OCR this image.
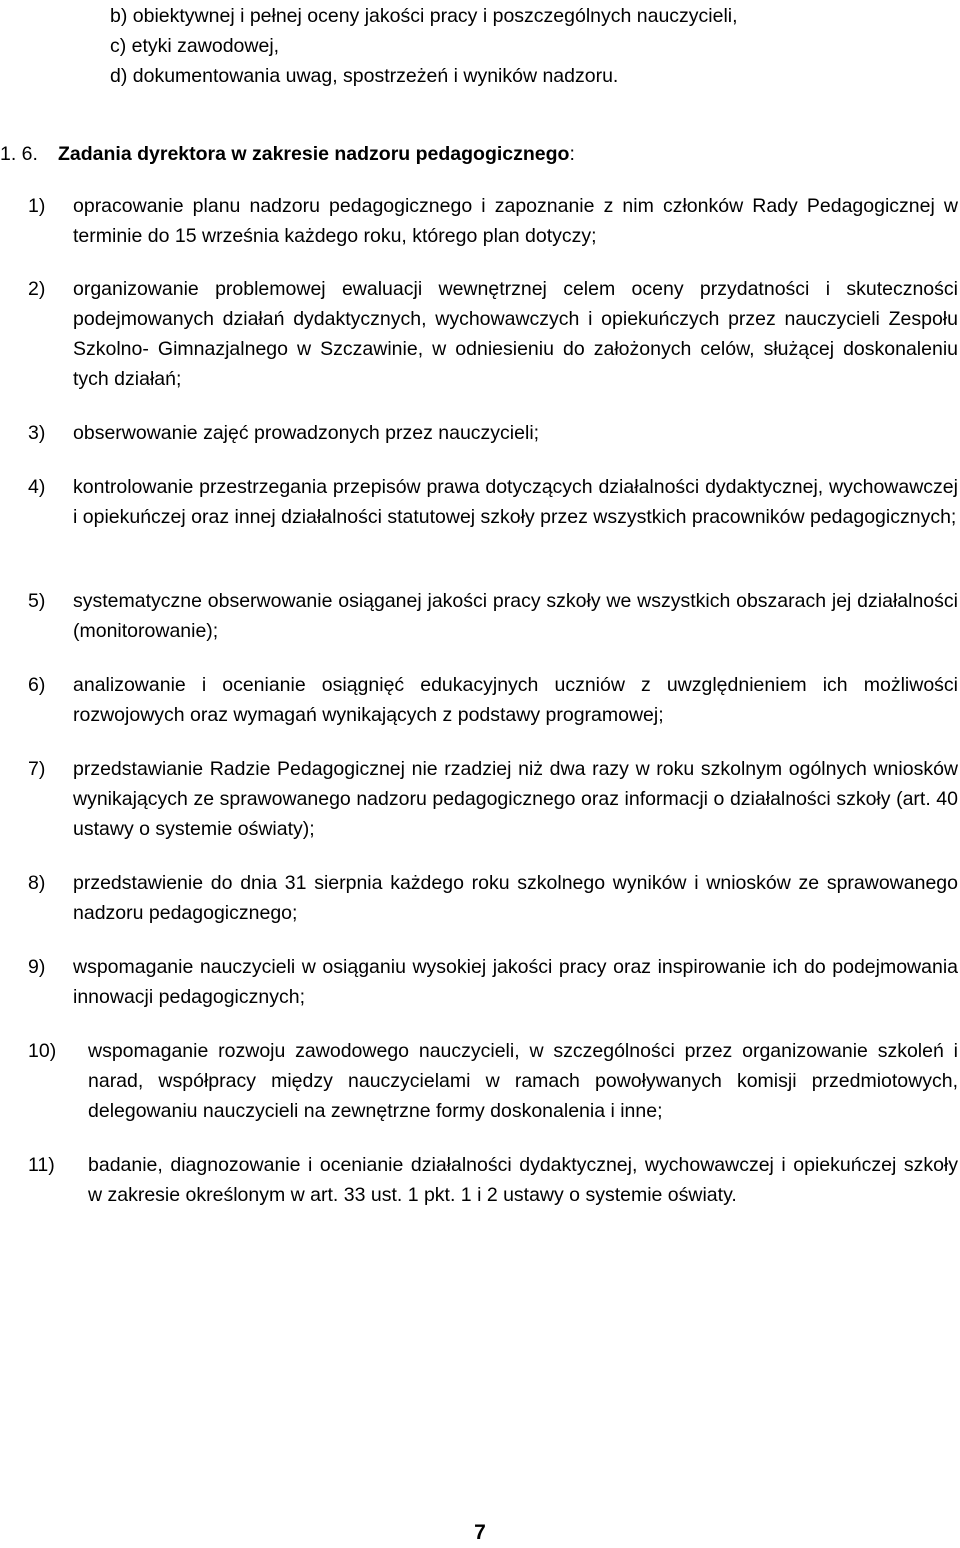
b) obiektywnej i pełnej oceny jakości pracy i poszczególnych nauczycieli,
c) etyki zawodowej,
d) dokumentowania uwag, spostrzeżeń i wyników nadzoru.
1. 6. Zadania dyrektora w zakresie nadzoru pedagogicznego:
1) opracowanie planu nadzoru pedagogicznego i zapoznanie z nim członków Rady Pedagogicznej w terminie do 15 września każdego roku, którego plan dotyczy;
2) organizowanie problemowej ewaluacji wewnętrznej celem oceny przydatności i skuteczności podejmowanych działań dydaktycznych, wychowawczych i opiekuńczych przez nauczycieli Zespołu Szkolno- Gimnazjalnego w Szczawinie, w odniesieniu do założonych celów, służącej doskonaleniu tych działań;
3) obserwowanie zajęć prowadzonych przez nauczycieli;
4) kontrolowanie przestrzegania przepisów prawa dotyczących działalności dydaktycznej, wychowawczej i opiekuńczej oraz innej działalności statutowej szkoły przez wszystkich pracowników pedagogicznych;
5) systematyczne obserwowanie osiąganej jakości pracy szkoły we wszystkich obszarach jej działalności (monitorowanie);
6) analizowanie i ocenianie osiągnięć edukacyjnych uczniów z uwzględnieniem ich możliwości rozwojowych oraz wymagań wynikających z podstawy programowej;
7) przedstawianie Radzie Pedagogicznej nie rzadziej niż dwa razy w roku szkolnym ogólnych wniosków wynikających ze sprawowanego nadzoru pedagogicznego oraz informacji o działalności szkoły (art. 40 ustawy o systemie oświaty);
8) przedstawienie do dnia 31 sierpnia każdego roku szkolnego wyników i wniosków ze sprawowanego nadzoru pedagogicznego;
9) wspomaganie nauczycieli w osiąganiu wysokiej jakości pracy oraz inspirowanie ich do podejmowania innowacji pedagogicznych;
10) wspomaganie rozwoju zawodowego nauczycieli, w szczególności przez organizowanie szkoleń i narad, współpracy między nauczycielami w ramach powoływanych komisji przedmiotowych, delegowaniu nauczycieli na zewnętrzne formy doskonalenia i inne;
11) badanie, diagnozowanie i ocenianie działalności dydaktycznej, wychowawczej i opiekuńczej szkoły w zakresie określonym w art. 33 ust. 1 pkt. 1 i 2 ustawy o systemie oświaty.
7
